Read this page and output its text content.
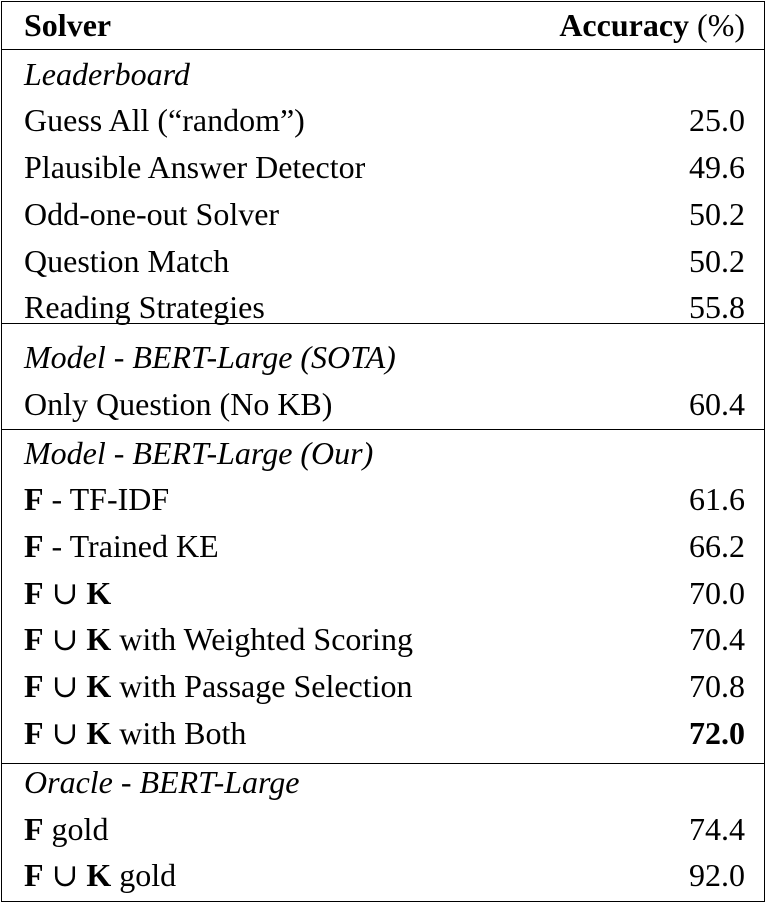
Solver	Accuracy (%)
Leaderboard
Guess All (“random”)	25.0
Plausible Answer Detector	49.6
Odd-one-out Solver	50.2
Question Match	50.2
Reading Strategies	55.8
Model - BERT-Large (SOTA)
Only Question (No KB)	60.4
Model - BERT-Large (Our)
F - TF-IDF	61.6
F - Trained KE	66.2
F ∪ K	70.0
F ∪ K with Weighted Scoring	70.4
F ∪ K with Passage Selection	70.8
F ∪ K with Both	72.0
Oracle - BERT-Large
F gold	74.4
F ∪ K gold	92.0
